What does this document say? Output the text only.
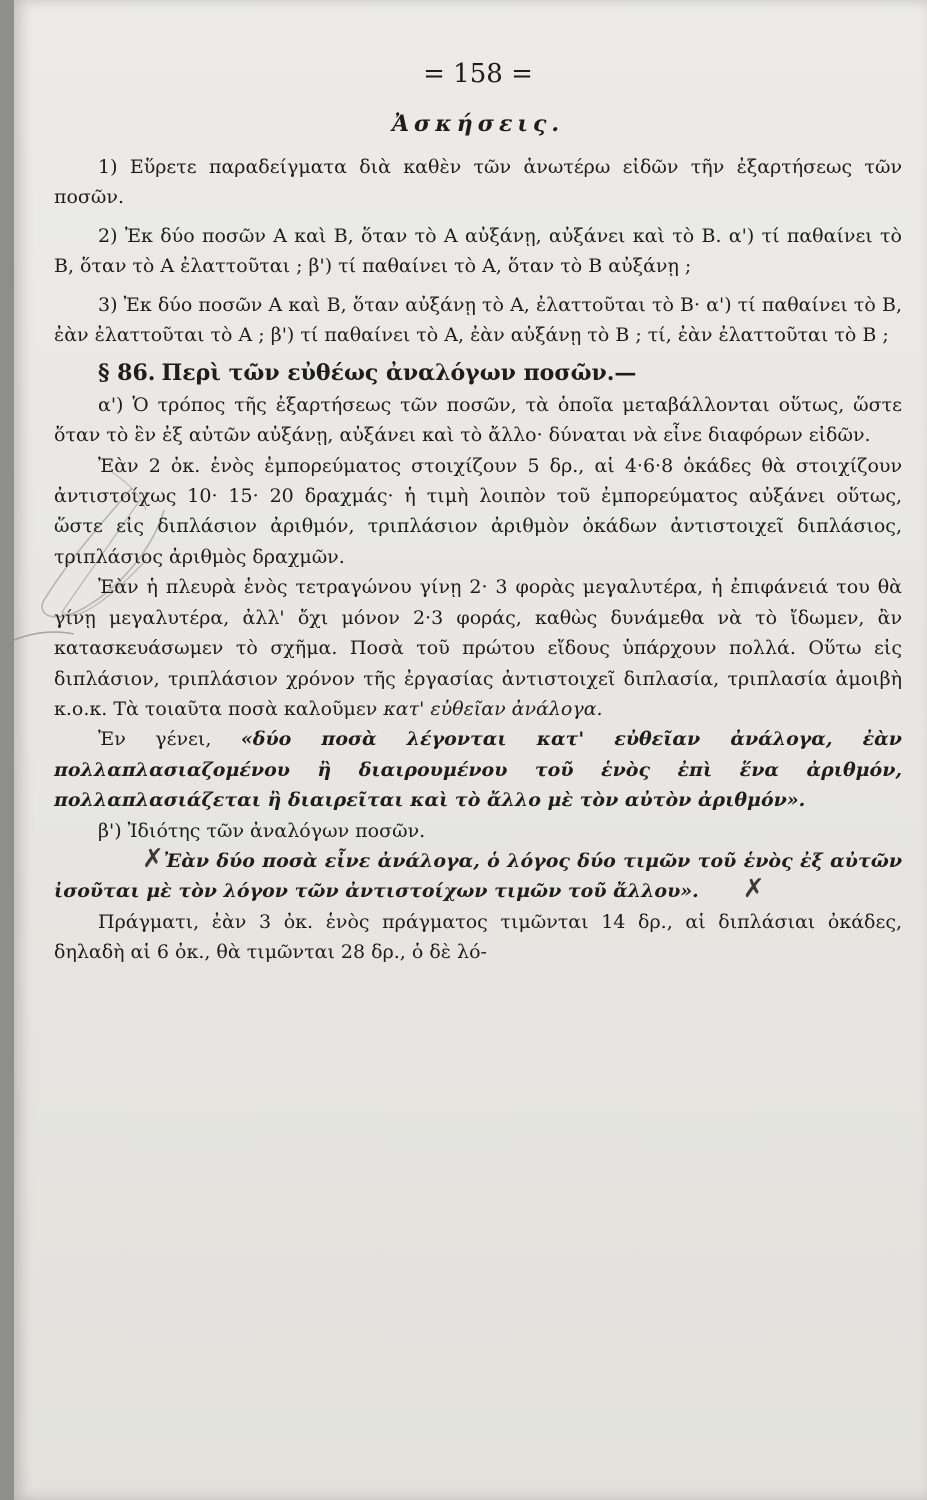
= 158 =
Ἀσκήσεις.

1) Εὕρετε παραδείγματα διὰ καθὲν τῶν ἀνωτέρω εἰδῶν τῆν ἐξαρτήσεως τῶν ποσῶν.

2) Ἐκ δύο ποσῶν Α καὶ Β, ὅταν τὸ Α αὐξάνῃ, αὐξάνει καὶ τὸ Β. α') τί παθαίνει τὸ Β, ὅταν τὸ Α ἐλαττοῦται ; β') τί παθαίνει τὸ Α, ὅταν τὸ Β αὐξάνῃ ;

3) Ἐκ δύο ποσῶν Α καὶ Β, ὅταν αὐξάνῃ τὸ Α, ἐλαττοῦται τὸ Β· α') τί παθαίνει τὸ Β, ἐὰν ἐλαττοῦται τὸ Α ; β') τί παθαίνει τὸ Α, ἐὰν αὐξάνῃ τὸ Β ; τί, ἐὰν ἐλαττοῦται τὸ Β ;

§ 86. Περὶ τῶν εὐθέως ἀναλόγων ποσῶν.—

α') Ὁ τρόπος τῆς ἐξαρτήσεως τῶν ποσῶν, τὰ ὁποῖα μεταβάλλονται οὕτως, ὥστε ὅταν τὸ ἓν ἐξ αὐτῶν αὐξάνῃ, αὐξάνει καὶ τὸ ἄλλο· δύναται νὰ εἶνε διαφόρων εἰδῶν.

Ἐὰν 2 ὀκ. ἑνὸς ἐμπορεύματος στοιχίζουν 5 δρ., αἱ 4·6·8 ὀκάδες θὰ στοιχίζουν ἀντιστοίχως 10· 15· 20 δραχμάς· ἡ τιμὴ λοιπὸν τοῦ ἐμπορεύματος αὐξάνει οὕτως, ὥστε εἰς διπλάσιον ἀριθμόν, τριπλάσιον ἀριθμὸν ὀκάδων ἀντιστοιχεῖ διπλάσιος, τριπλάσιος ἀριθμὸς δραχμῶν.

Ἐὰν ἡ πλευρὰ ἑνὸς τετραγώνου γίνῃ 2· 3 φορὰς μεγαλυτέρα, ἡ ἐπιφάνειά του θὰ γίνῃ μεγαλυτέρα, ἀλλ' ὄχι μόνον 2·3 φοράς, καθὼς δυνάμεθα νὰ τὸ ἴδωμεν, ἂν κατασκευάσωμεν τὸ σχῆμα. Ποσὰ τοῦ πρώτου εἴδους ὑπάρχουν πολλά. Οὕτω εἰς διπλάσιον, τριπλάσιον χρόνον τῆς ἐργασίας ἀντιστοιχεῖ διπλασία, τριπλασία ἀμοιβὴ κ.ο.κ. Τὰ τοιαῦτα ποσὰ καλοῦμεν κατ' εὐθεῖαν ἀνάλογα.

Ἐν γένει, «δύο ποσὰ λέγονται κατ' εὐθεῖαν ἀνάλογα, ἐὰν πολλαπλασιαζομένου ἢ διαιρουμένου τοῦ ἑνὸς ἐπὶ ἕνα ἀριθμόν, πολλαπλασιάζεται ἢ διαιρεῖται καὶ τὸ ἄλλο μὲ τὸν αὐτὸν ἀριθμόν».

β') Ἰδιότης τῶν ἀναλόγων ποσῶν.

✗Ἐὰν δύο ποσὰ εἶνε ἀνάλογα, ὁ λόγος δύο τιμῶν τοῦ ἑνὸς ἐξ αὐτῶν ἰσοῦται μὲ τὸν λόγον τῶν ἀντιστοίχων τιμῶν τοῦ ἄλλου». ✗

Πράγματι, ἐὰν 3 ὀκ. ἑνὸς πράγματος τιμῶνται 14 δρ., αἱ διπλάσιαι ὀκάδες, δηλαδὴ αἱ 6 ὀκ., θὰ τιμῶνται 28 δρ., ὁ δὲ λό-
